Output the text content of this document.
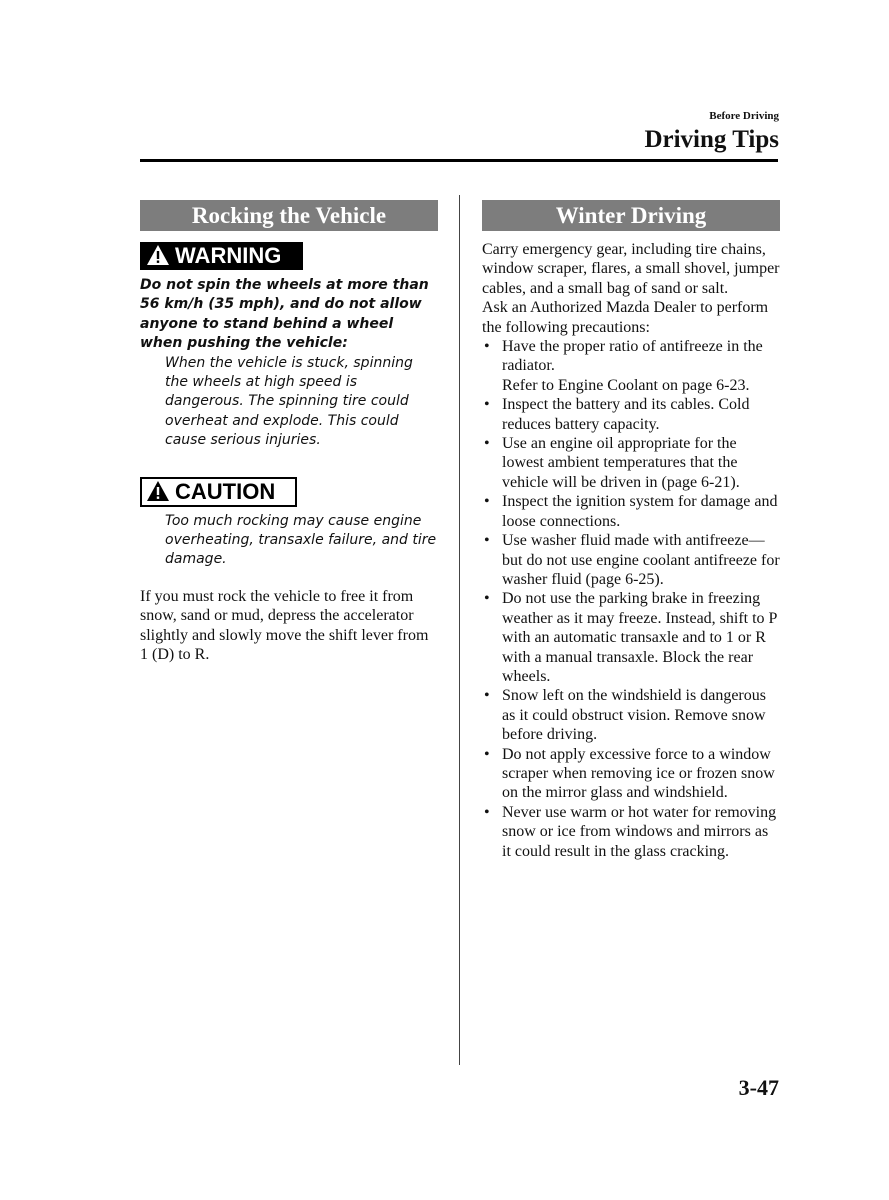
Before Driving
Driving Tips
Rocking the Vehicle
WARNING
Do not spin the wheels at more than 56 km/h (35 mph), and do not allow anyone to stand behind a wheel when pushing the vehicle:
When the vehicle is stuck, spinning the wheels at high speed is dangerous. The spinning tire could overheat and explode. This could cause serious injuries.
CAUTION
Too much rocking may cause engine overheating, transaxle failure, and tire damage.
If you must rock the vehicle to free it from snow, sand or mud, depress the accelerator slightly and slowly move the shift lever from 1 (D) to R.
Winter Driving
Carry emergency gear, including tire chains, window scraper, flares, a small shovel, jumper cables, and a small bag of sand or salt.
Ask an Authorized Mazda Dealer to perform the following precautions:
• Have the proper ratio of antifreeze in the radiator.
Refer to Engine Coolant on page 6-23.
• Inspect the battery and its cables. Cold reduces battery capacity.
• Use an engine oil appropriate for the lowest ambient temperatures that the vehicle will be driven in (page 6-21).
• Inspect the ignition system for damage and loose connections.
• Use washer fluid made with antifreeze—but do not use engine coolant antifreeze for washer fluid (page 6-25).
• Do not use the parking brake in freezing weather as it may freeze. Instead, shift to P with an automatic transaxle and to 1 or R with a manual transaxle. Block the rear wheels.
• Snow left on the windshield is dangerous as it could obstruct vision. Remove snow before driving.
• Do not apply excessive force to a window scraper when removing ice or frozen snow on the mirror glass and windshield.
• Never use warm or hot water for removing snow or ice from windows and mirrors as it could result in the glass cracking.
3-47
